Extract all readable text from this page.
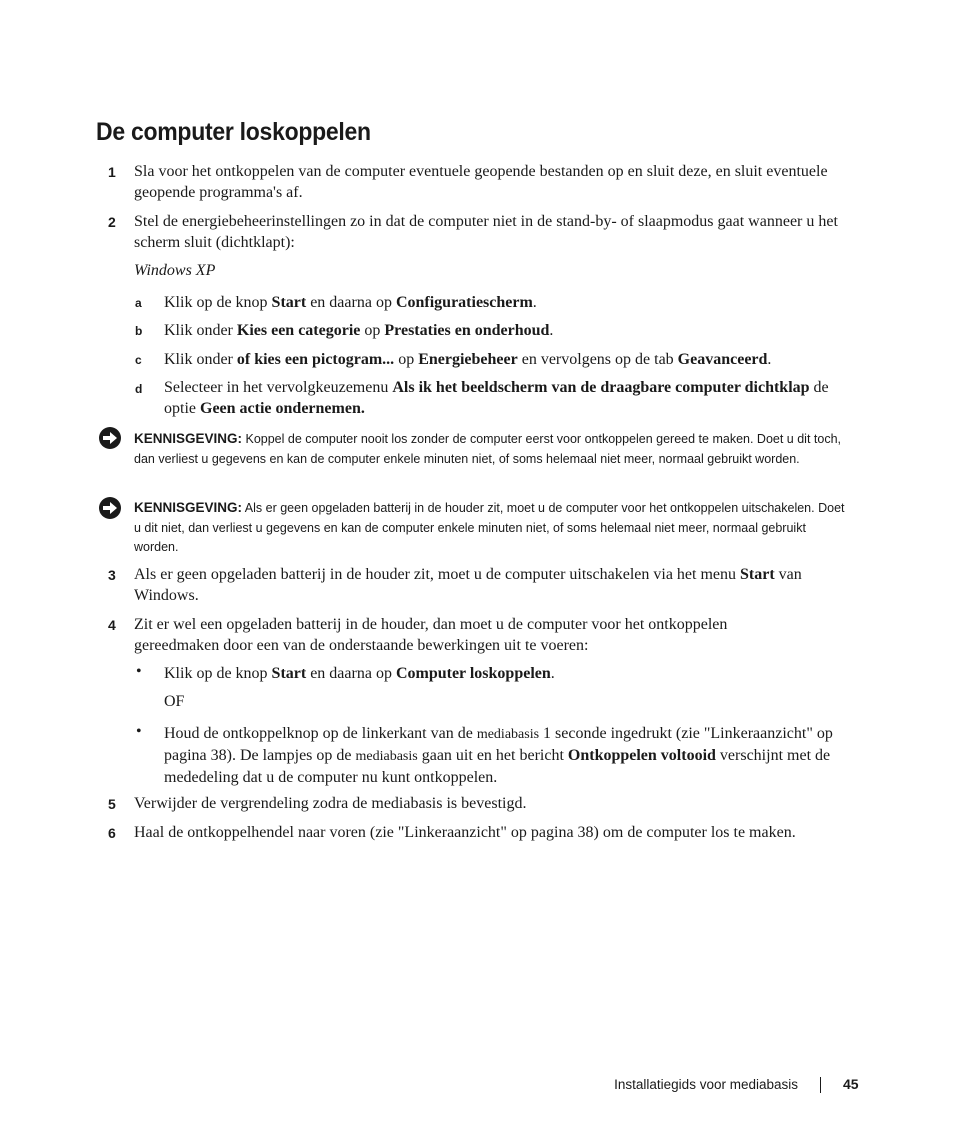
De computer loskoppelen
1 Sla voor het ontkoppelen van de computer eventuele geopende bestanden op en sluit deze, en sluit eventuele geopende programma's af.
2 Stel de energiebeheerinstellingen zo in dat de computer niet in de stand-by- of slaapmodus gaat wanneer u het scherm sluit (dichtklapt):
Windows XP
a Klik op de knop Start en daarna op Configuratiescherm.
b Klik onder Kies een categorie op Prestaties en onderhoud.
c Klik onder of kies een pictogram... op Energiebeheer en vervolgens op de tab Geavanceerd.
d Selecteer in het vervolgkeuzemenu Als ik het beeldscherm van de draagbare computer dichtklap de optie Geen actie ondernemen.
KENNISGEVING: Koppel de computer nooit los zonder de computer eerst voor ontkoppelen gereed te maken. Doet u dit toch, dan verliest u gegevens en kan de computer enkele minuten niet, of soms helemaal niet meer, normaal gebruikt worden.
KENNISGEVING: Als er geen opgeladen batterij in de houder zit, moet u de computer voor het ontkoppelen uitschakelen. Doet u dit niet, dan verliest u gegevens en kan de computer enkele minuten niet, of soms helemaal niet meer, normaal gebruikt worden.
3 Als er geen opgeladen batterij in de houder zit, moet u de computer uitschakelen via het menu Start van Windows.
4 Zit er wel een opgeladen batterij in de houder, dan moet u de computer voor het ontkoppelen gereedmaken door een van de onderstaande bewerkingen uit te voeren:
• Klik op de knop Start en daarna op Computer loskoppelen.
OF
• Houd de ontkoppelknop op de linkerkant van de mediabasis 1 seconde ingedrukt (zie "Linkeraanzicht" op pagina 38). De lampjes op de mediabasis gaan uit en het bericht Ontkoppelen voltooid verschijnt met de mededeling dat u de computer nu kunt ontkoppelen.
5 Verwijder de vergrendeling zodra de mediabasis is bevestigd.
6 Haal de ontkoppelhendel naar voren (zie "Linkeraanzicht" op pagina 38) om de computer los te maken.
Installatiegids voor mediabasis	45
